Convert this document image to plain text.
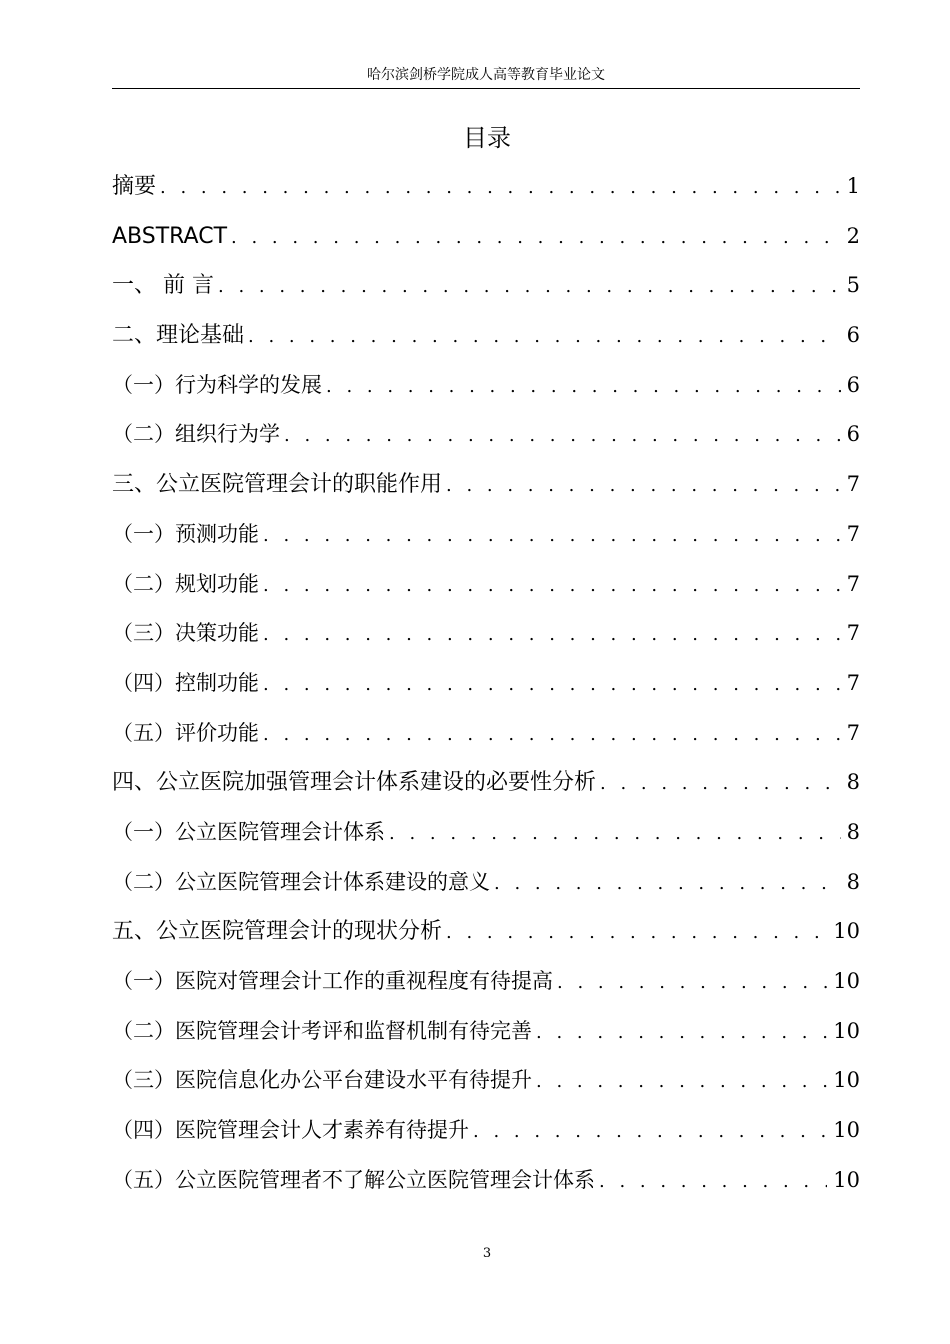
哈尔滨剑桥学院成人高等教育毕业论文
目录
摘要 . . .	1
ABSTRACT . . .	2
一、 前 言 . . .	5
二、理论基础 . . .	6
（一）行为科学的发展 . . .	6
（二）组织行为学 . . .	6
三、公立医院管理会计的职能作用 . . .	7
（一）预测功能 . . .	7
（二）规划功能 . . .	7
（三）决策功能 . . .	7
（四）控制功能 . . .	7
（五）评价功能 . . .	7
四、公立医院加强管理会计体系建设的必要性分析 . . .	8
（一）公立医院管理会计体系 . . .	8
（二）公立医院管理会计体系建设的意义 . . .	8
五、公立医院管理会计的现状分析 . . .	10
（一）医院对管理会计工作的重视程度有待提高 . . .	10
（二）医院管理会计考评和监督机制有待完善 . . .	10
（三）医院信息化办公平台建设水平有待提升 . . .	10
（四）医院管理会计人才素养有待提升 . . .	10
（五）公立医院管理者不了解公立医院管理会计体系 . . .	10
3
